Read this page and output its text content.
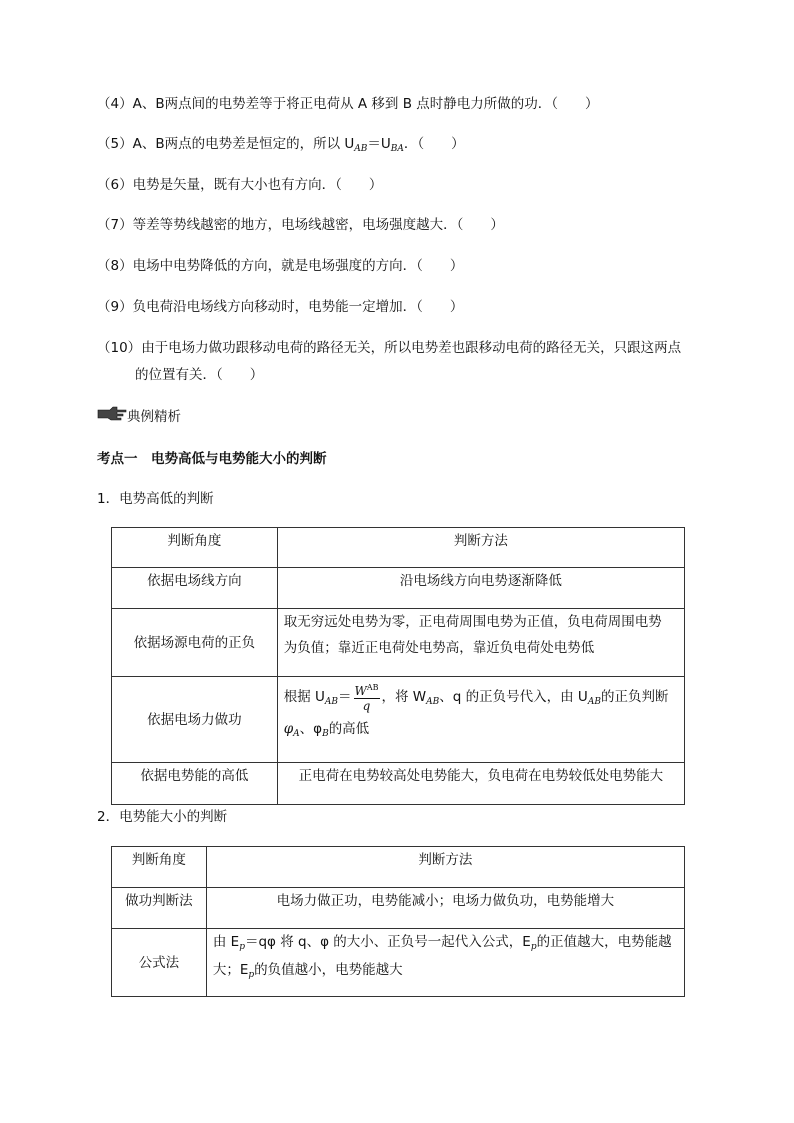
（4）A、B两点间的电势差等于将正电荷从 A 移到 B 点时静电力所做的功．（　　）
（5）A、B两点的电势差是恒定的，所以 $U_{AB}=U_{BA}$．（　　）
（6）电势是矢量，既有大小也有方向．（　　）
（7）等差等势线越密的地方，电场线越密，电场强度越大．（　　）
（8）电场中电势降低的方向，就是电场强度的方向．（　　）
（9）负电荷沿电场线方向移动时，电势能一定增加．（　　）
（10）由于电场力做功跟移动电荷的路径无关，所以电势差也跟移动电荷的路径无关，只跟这两点
的位置有关．（　　）
典例精析
考点一　电势高低与电势能大小的判断
1．电势高低的判断
判断角度	判断方法
依据电场线方向	沿电场线方向电势逐渐降低
依据场源电荷的正负	取无穷远处电势为零，正电荷周围电势为正值，负电荷周围电势
为负值；靠近正电荷处电势高，靠近负电荷处电势低

依据电场力做功	根据 $U_{AB}= \frac{W^{AB}}{q}$ ，将 $W_{AB}$、q 的正负号代入，由 $U_{AB}$的正负判断
$\varphi_A$、$\varphi_B$的高低

依据电势能的高低	正电荷在电势较高处电势能大，负电荷在电势较低处电势能大
2．电势能大小的判断
判断角度	判断方法
做功判断法	电场力做正功，电势能减小；电场力做负功，电势能增大
公式法	由 $E_p=q\varphi$ 将 q、φ 的大小、正负号一起代入公式，$E_p$的正值越大，电势能越
大；$E_p$的负值越小，电势能越大
